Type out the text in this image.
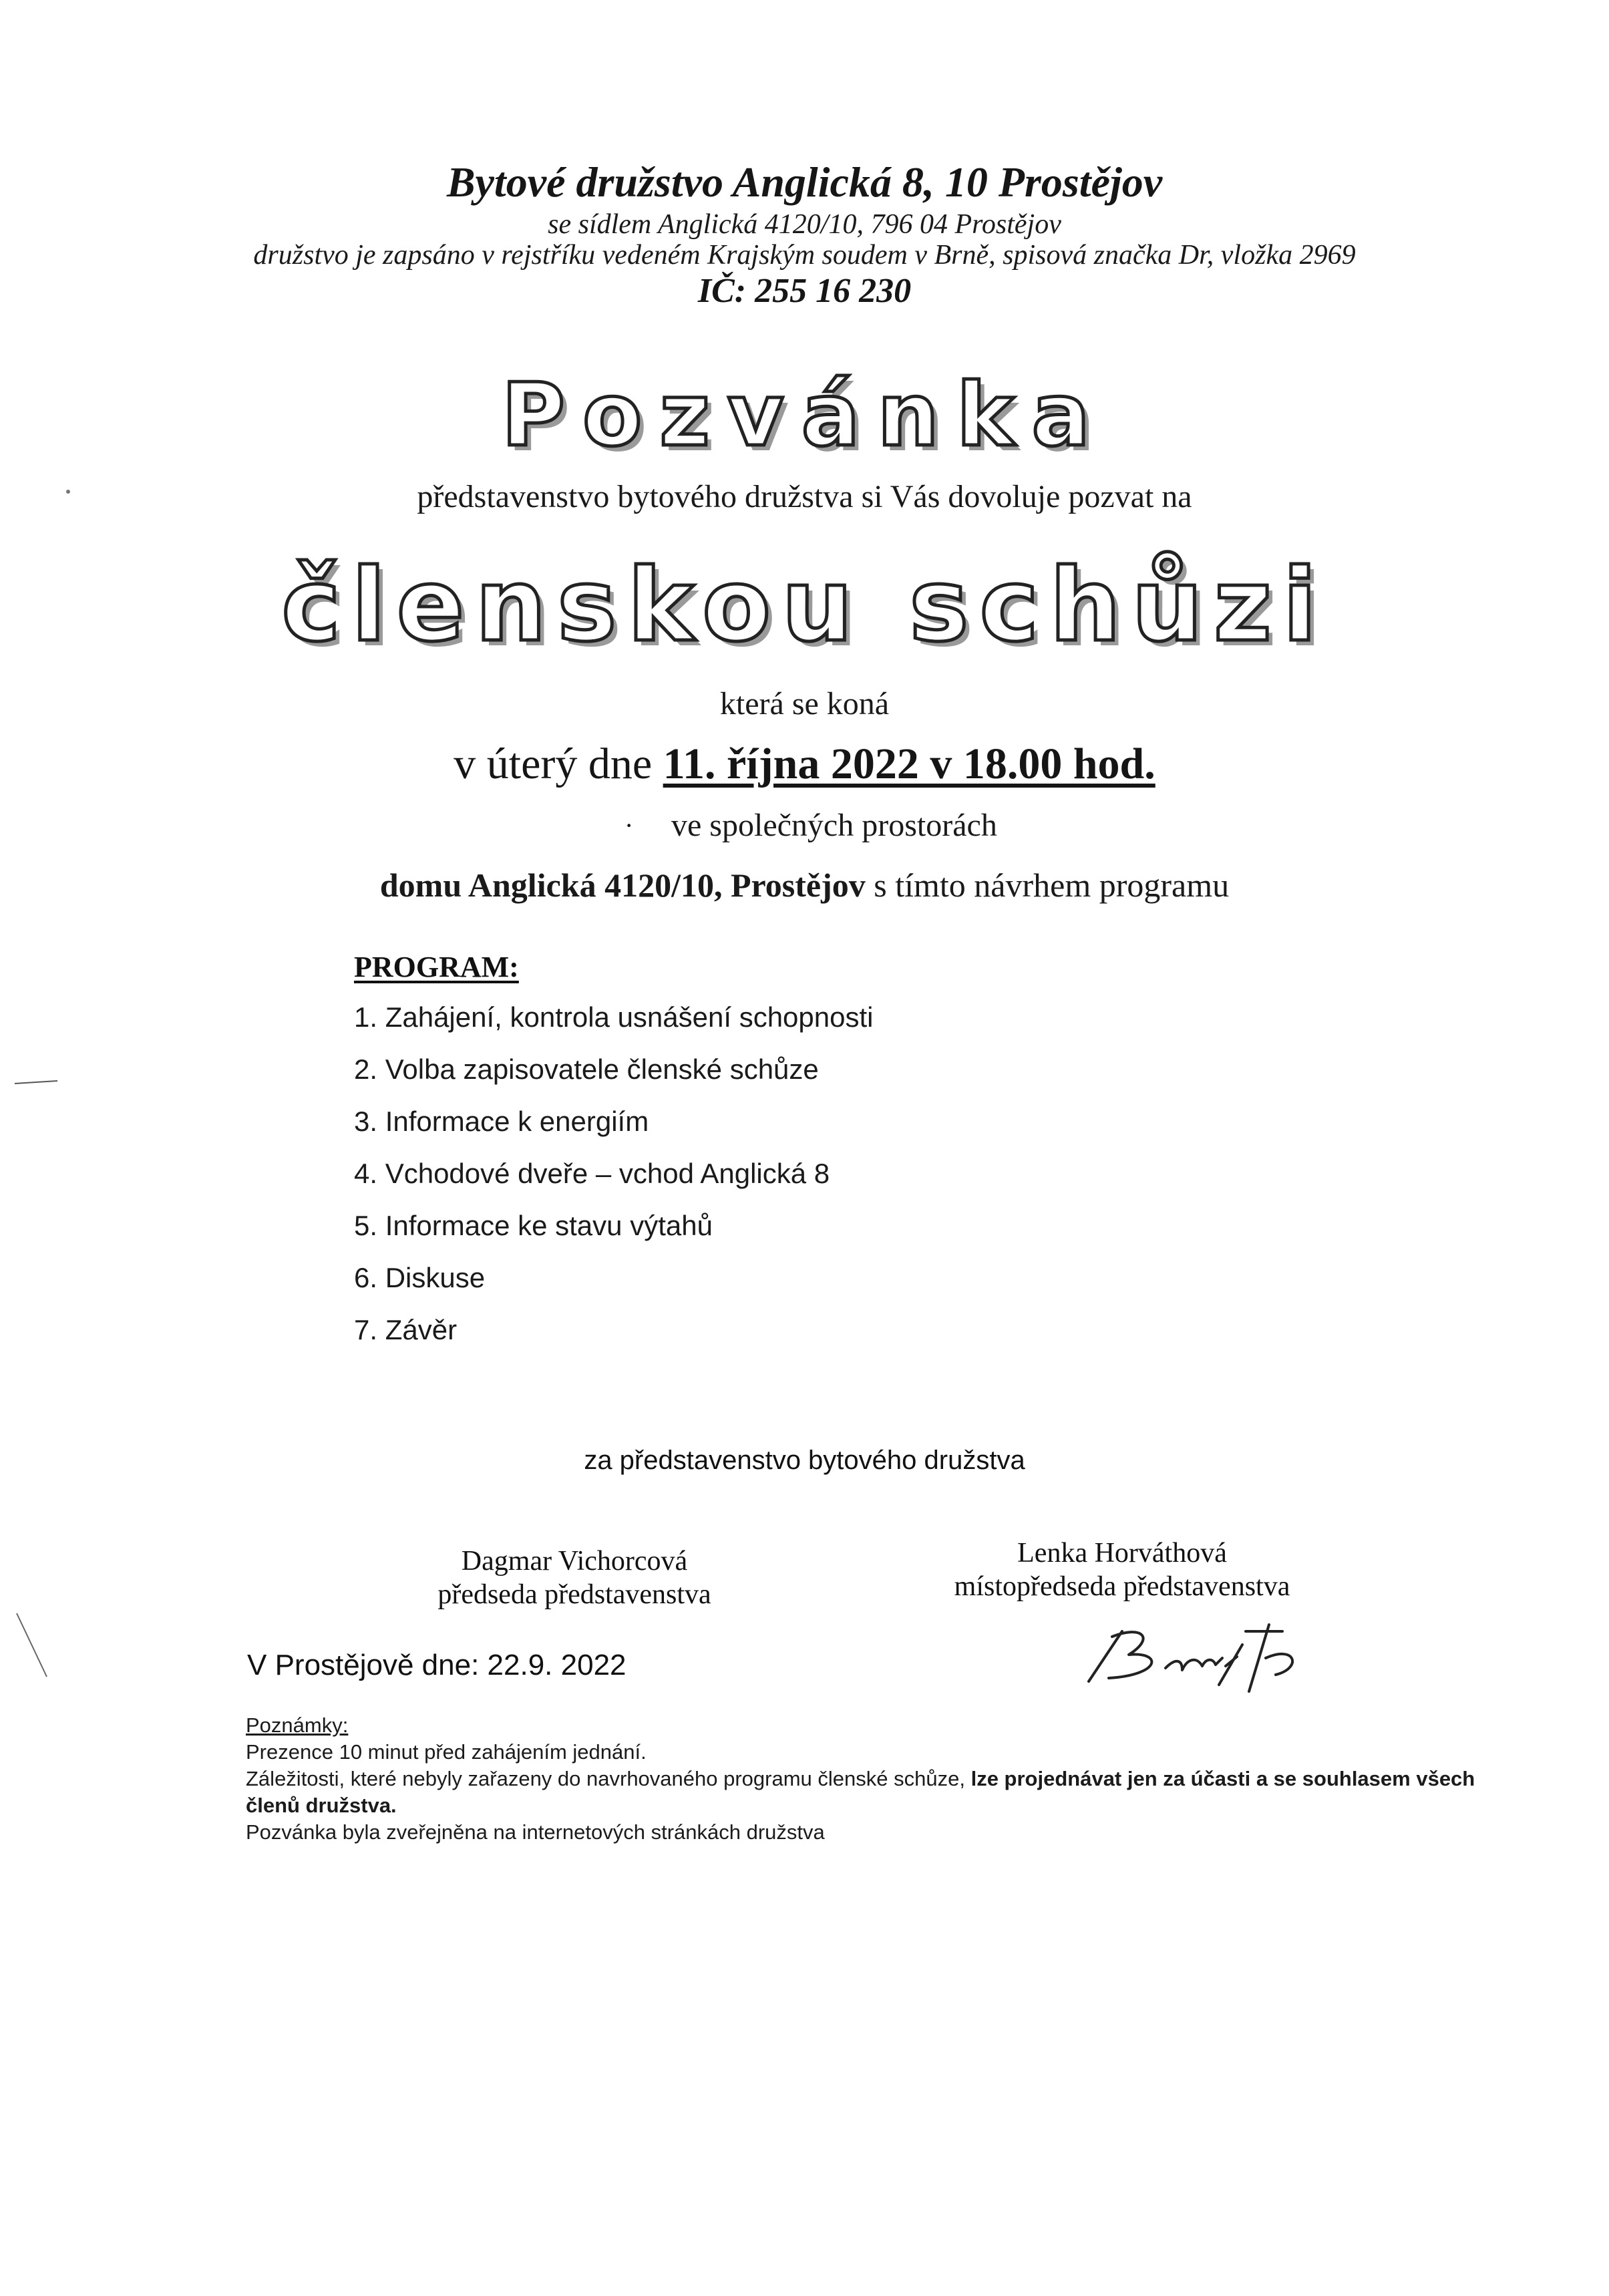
Bytové družstvo Anglická 8, 10 Prostějov
se sídlem Anglická 4120/10, 796 04 Prostějov
družstvo je zapsáno v rejstříku vedeném Krajským soudem v Brně, spisová značka Dr, vložka 2969
IČ: 255 16 230
Pozvánka
představenstvo bytového družstva si Vás dovoluje pozvat na
členskou schůzi
která se koná
v úterý dne 11. října 2022 v 18.00 hod.
· ve společných prostorách
domu Anglická 4120/10, Prostějov s tímto návrhem programu
PROGRAM:
1. Zahájení, kontrola usnášení schopnosti
2. Volba zapisovatele členské schůze
3. Informace k energiím
4. Vchodové dveře – vchod Anglická 8
5. Informace ke stavu výtahů
6. Diskuse
7. Závěr
za představenstvo bytového družstva
Dagmar Vichorcová
předseda představenstva
Lenka Horváthová
místopředseda představenstva
V Prostějově dne: 22.9. 2022
Poznámky:
Prezence 10 minut před zahájením jednání.
Záležitosti, které nebyly zařazeny do navrhovaného programu členské schůze, lze projednávat jen za účasti a se souhlasem všech členů družstva.
Pozvánka byla zveřejněna na internetových stránkách družstva
